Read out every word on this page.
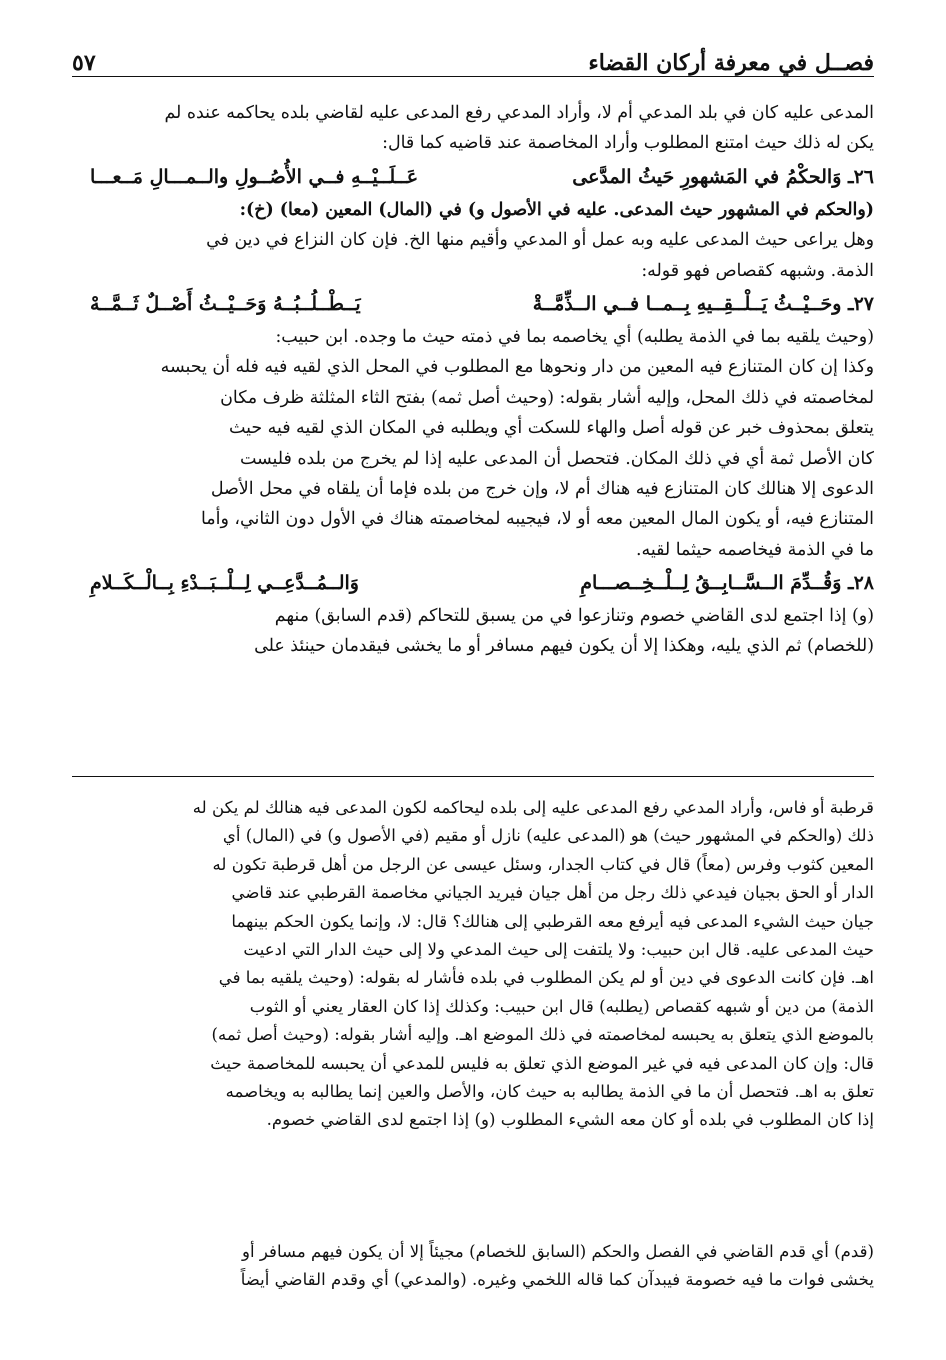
٥٧	فصــل في معرفة أركان القضاء
المدعى عليه كان في بلد المدعي أم لا، وأراد المدعي رفع المدعى عليه لقاضي بلده يحاكمه عنده لم
يكن له ذلك حيث امتنع المطلوب وأراد المخاصمة عند قاضيه كما قال:
٢٦ـ وَالحكْمُ في المَشهورِ حَيثُ المدَّعى
عَــلَــيْــهِ فــي الأُصُــولِ والــمـــالِ مَــعـــا
(والحكم في المشهور حيث المدعى. عليه في الأصول و) في (المال) المعين (معا) (خ):
وهل يراعى حيث المدعى عليه وبه عمل أو المدعي وأقيم منها الخ. فإن كان النزاع في دين في
الذمة. وشبهه كقصاص فهو قوله:
٢٧ـ وحَــيْــثُ يَــلْــقِــيهِ بِــمــا فــي الــذِّمَّــةْ
يَــطْــلُــبُــهُ وَحَــيْــثُ أَصْــلٌ ثَــمَّــهْ
(وحيث يلقيه بما في الذمة يطلبه) أي يخاصمه بما في ذمته حيث ما وجده. ابن حبيب:
وكذا إن كان المتنازع فيه المعين من دار ونحوها مع المطلوب في المحل الذي لقيه فيه فله أن يحبسه
لمخاصمته في ذلك المحل، وإليه أشار بقوله: (وحيث أصل ثمه) بفتح الثاء المثلثة ظرف مكان
يتعلق بمحذوف خبر عن قوله أصل والهاء للسكت أي ويطلبه في المكان الذي لقيه فيه حيث
كان الأصل ثمة أي في ذلك المكان. فتحصل أن المدعى عليه إذا لم يخرج من بلده فليست
الدعوى إلا هنالك كان المتنازع فيه هناك أم لا، وإن خرج من بلده فإما أن يلقاه في محل الأصل
المتنازع فيه، أو يكون المال المعين معه أو لا، فيجيبه لمخاصمته هناك في الأول دون الثاني، وأما
ما في الذمة فيخاصمه حيثما لقيه.
٢٨ـ وَقُــدِّمَ الــسَّــابِــقُ لِــلْــخِــصـــامِ
وَالــمُــدَّعِــي لِــلْــبَــدْءِ بِــالْــكَــلامِ
(و) إذا اجتمع لدى القاضي خصوم وتنازعوا في من يسبق للتحاكم (قدم السابق) منهم
(للخصام) ثم الذي يليه، وهكذا إلا أن يكون فيهم مسافر أو ما يخشى فيقدمان حينئذ على
قرطبة أو فاس، وأراد المدعي رفع المدعى عليه إلى بلده ليحاكمه لكون المدعى فيه هنالك لم يكن له
ذلك (والحكم في المشهور حيث) هو (المدعى عليه) نازل أو مقيم (في الأصول و) في (المال) أي
المعين كثوب وفرس (معاً) قال في كتاب الجدار، وسئل عيسى عن الرجل من أهل قرطبة تكون له
الدار أو الحق بجيان فيدعي ذلك رجل من أهل جيان فيريد الجياني مخاصمة القرطبي عند قاضي
جيان حيث الشيء المدعى فيه أيرفع معه القرطبي إلى هنالك؟ قال: لا، وإنما يكون الحكم بينهما
حيث المدعى عليه. قال ابن حبيب: ولا يلتفت إلى حيث المدعي ولا إلى حيث الدار التي ادعيت
اهـ. فإن كانت الدعوى في دين أو لم يكن المطلوب في بلده فأشار له بقوله: (وحيث يلقيه بما في
الذمة) من دين أو شبهه كقصاص (يطلبه) قال ابن حبيب: وكذلك إذا كان العقار يعني أو الثوب
بالموضع الذي يتعلق به يحبسه لمخاصمته في ذلك الموضع اهـ. وإليه أشار بقوله: (وحيث أصل ثمه)
قال: وإن كان المدعى فيه في غير الموضع الذي تعلق به فليس للمدعي أن يحبسه للمخاصمة حيث
تعلق به اهـ. فتحصل أن ما في الذمة يطالبه به حيث كان، والأصل والعين إنما يطالبه به ويخاصمه
إذا كان المطلوب في بلده أو كان معه الشيء المطلوب (و) إذا اجتمع لدى القاضي خصوم.
(قدم) أي قدم القاضي في الفصل والحكم (السابق للخصام) مجيئاً إلا أن يكون فيهم مسافر أو
يخشى فوات ما فيه خصومة فيبدآن كما قاله اللخمي وغيره. (والمدعي) أي وقدم القاضي أيضاً
